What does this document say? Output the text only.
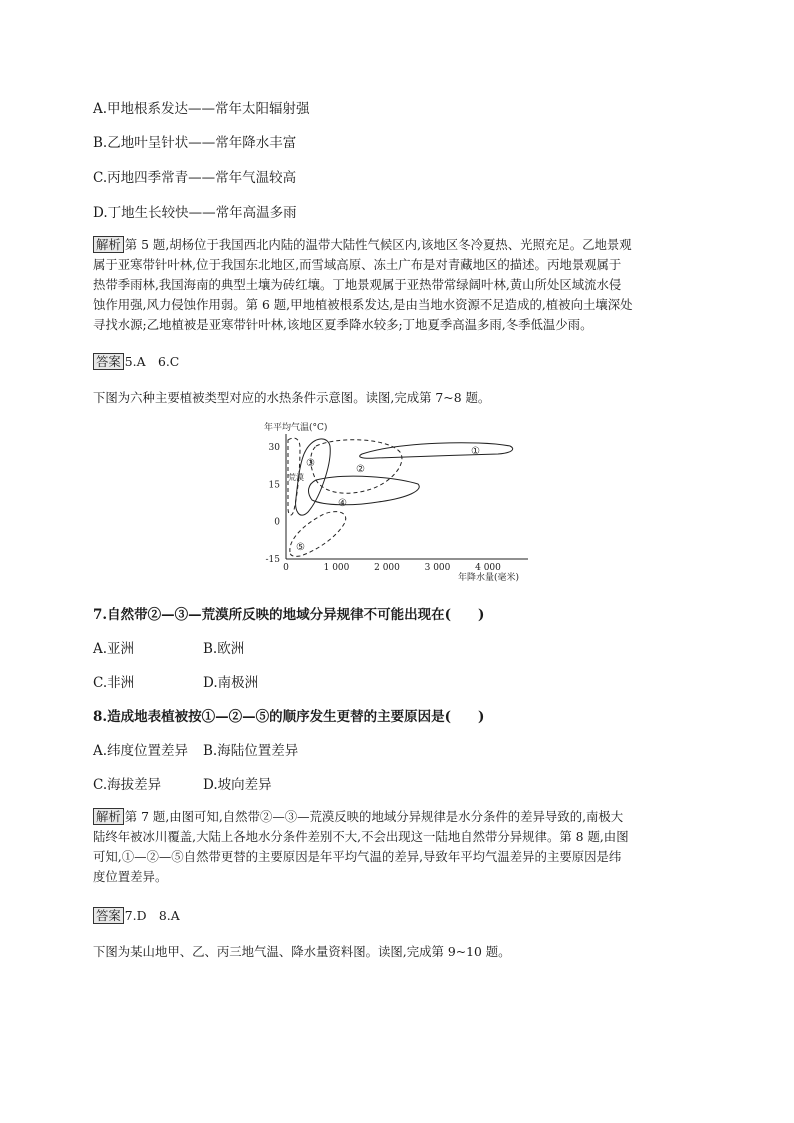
A.甲地根系发达——常年太阳辐射强
B.乙地叶呈针状——常年降水丰富
C.丙地四季常青——常年气温较高
D.丁地生长较快——常年高温多雨
解析 第 5 题,胡杨位于我国西北内陆的温带大陆性气候区内,该地区冬冷夏热、光照充足。乙地景观
属于亚寒带针叶林,位于我国东北地区,而雪域高原、冻土广布是对青藏地区的描述。丙地景观属于
热带季雨林,我国海南的典型土壤为砖红壤。丁地景观属于亚热带常绿阔叶林,黄山所处区域流水侵
蚀作用强,风力侵蚀作用弱。第 6 题,甲地植被根系发达,是由当地水资源不足造成的,植被向土壤深处
寻找水源;乙地植被是亚寒带针叶林,该地区夏季降水较多;丁地夏季高温多雨,冬季低温少雨。
答案 5.A　6.C
下图为六种主要植被类型对应的水热条件示意图。读图,完成第 7~8 题。
年平均气温(°C)
年降水量(毫米)
30
15
0
-15
0	1 000	2 000	3 000	4 000
①
②
③
④
⑤
荒漠
7.自然带②—③—荒漠所反映的地域分异规律不可能出现在(　　)
A.亚洲	B.欧洲
C.非洲	D.南极洲
8.造成地表植被按①—②—⑤的顺序发生更替的主要原因是(　　)
A.纬度位置差异 B.海陆位置差异
C.海拔差异	D.坡向差异
解析 第 7 题,由图可知,自然带②—③—荒漠反映的地域分异规律是水分条件的差异导致的,南极大
陆终年被冰川覆盖,大陆上各地水分条件差别不大,不会出现这一陆地自然带分异规律。第 8 题,由图
可知,①—②—⑤自然带更替的主要原因是年平均气温的差异,导致年平均气温差异的主要原因是纬
度位置差异。
答案 7.D　8.A
下图为某山地甲、乙、丙三地气温、降水量资料图。读图,完成第 9~10 题。
